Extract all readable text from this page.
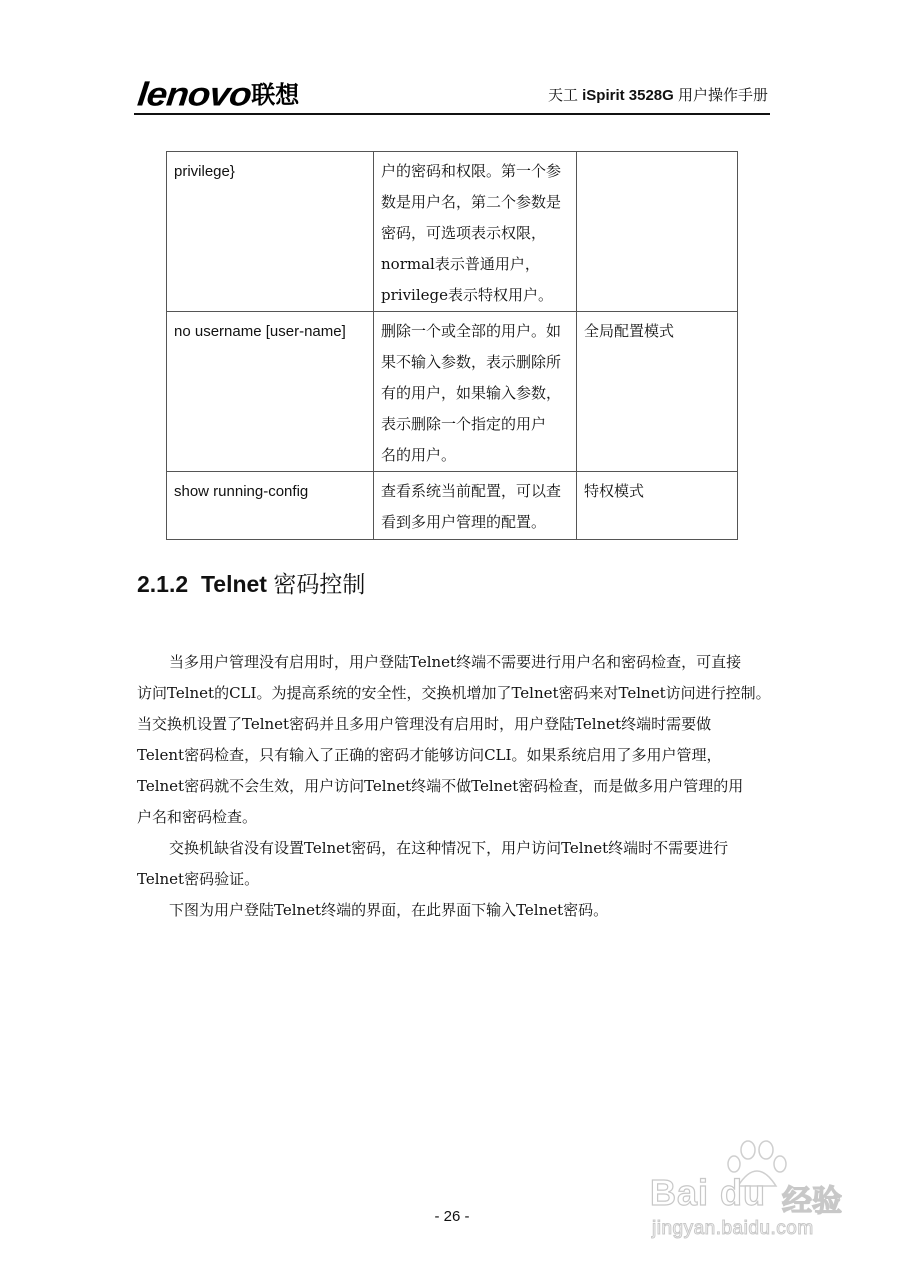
lenovo
联想	天工 iSpirit 3528G 用户操作手册
privilege}	户的密码和权限。第一个参
数是用户名，第二个参数是
密码，可选项表示权限，
normal表示普通用户，
privilege表示特权用户。	

no username [user-name]	删除一个或全部的用户。如
果不输入参数，表示删除所
有的用户，如果输入参数，
表示删除一个指定的用户
名的用户。	全局配置模式
show running-config	查看系统当前配置，可以查
看到多用户管理的配置。	特权模式
2.1.2 Telnet 密码控制
当多用户管理没有启用时，用户登陆Telnet终端不需要进行用户名和密码检查，可直接
访问Telnet的CLI。为提高系统的安全性，交换机增加了Telnet密码来对Telnet访问进行控制。
当交换机设置了Telnet密码并且多用户管理没有启用时，用户登陆Telnet终端时需要做
Telent密码检查，只有输入了正确的密码才能够访问CLI。如果系统启用了多用户管理，
Telnet密码就不会生效，用户访问Telnet终端不做Telnet密码检查，而是做多用户管理的用
户名和密码检查。
交换机缺省没有设置Telnet密码，在这种情况下，用户访问Telnet终端时不需要进行
Telnet密码验证。
下图为用户登陆Telnet终端的界面，在此界面下输入Telnet密码。
Bai du 经验
jingyan.baidu.com
- 26 -
